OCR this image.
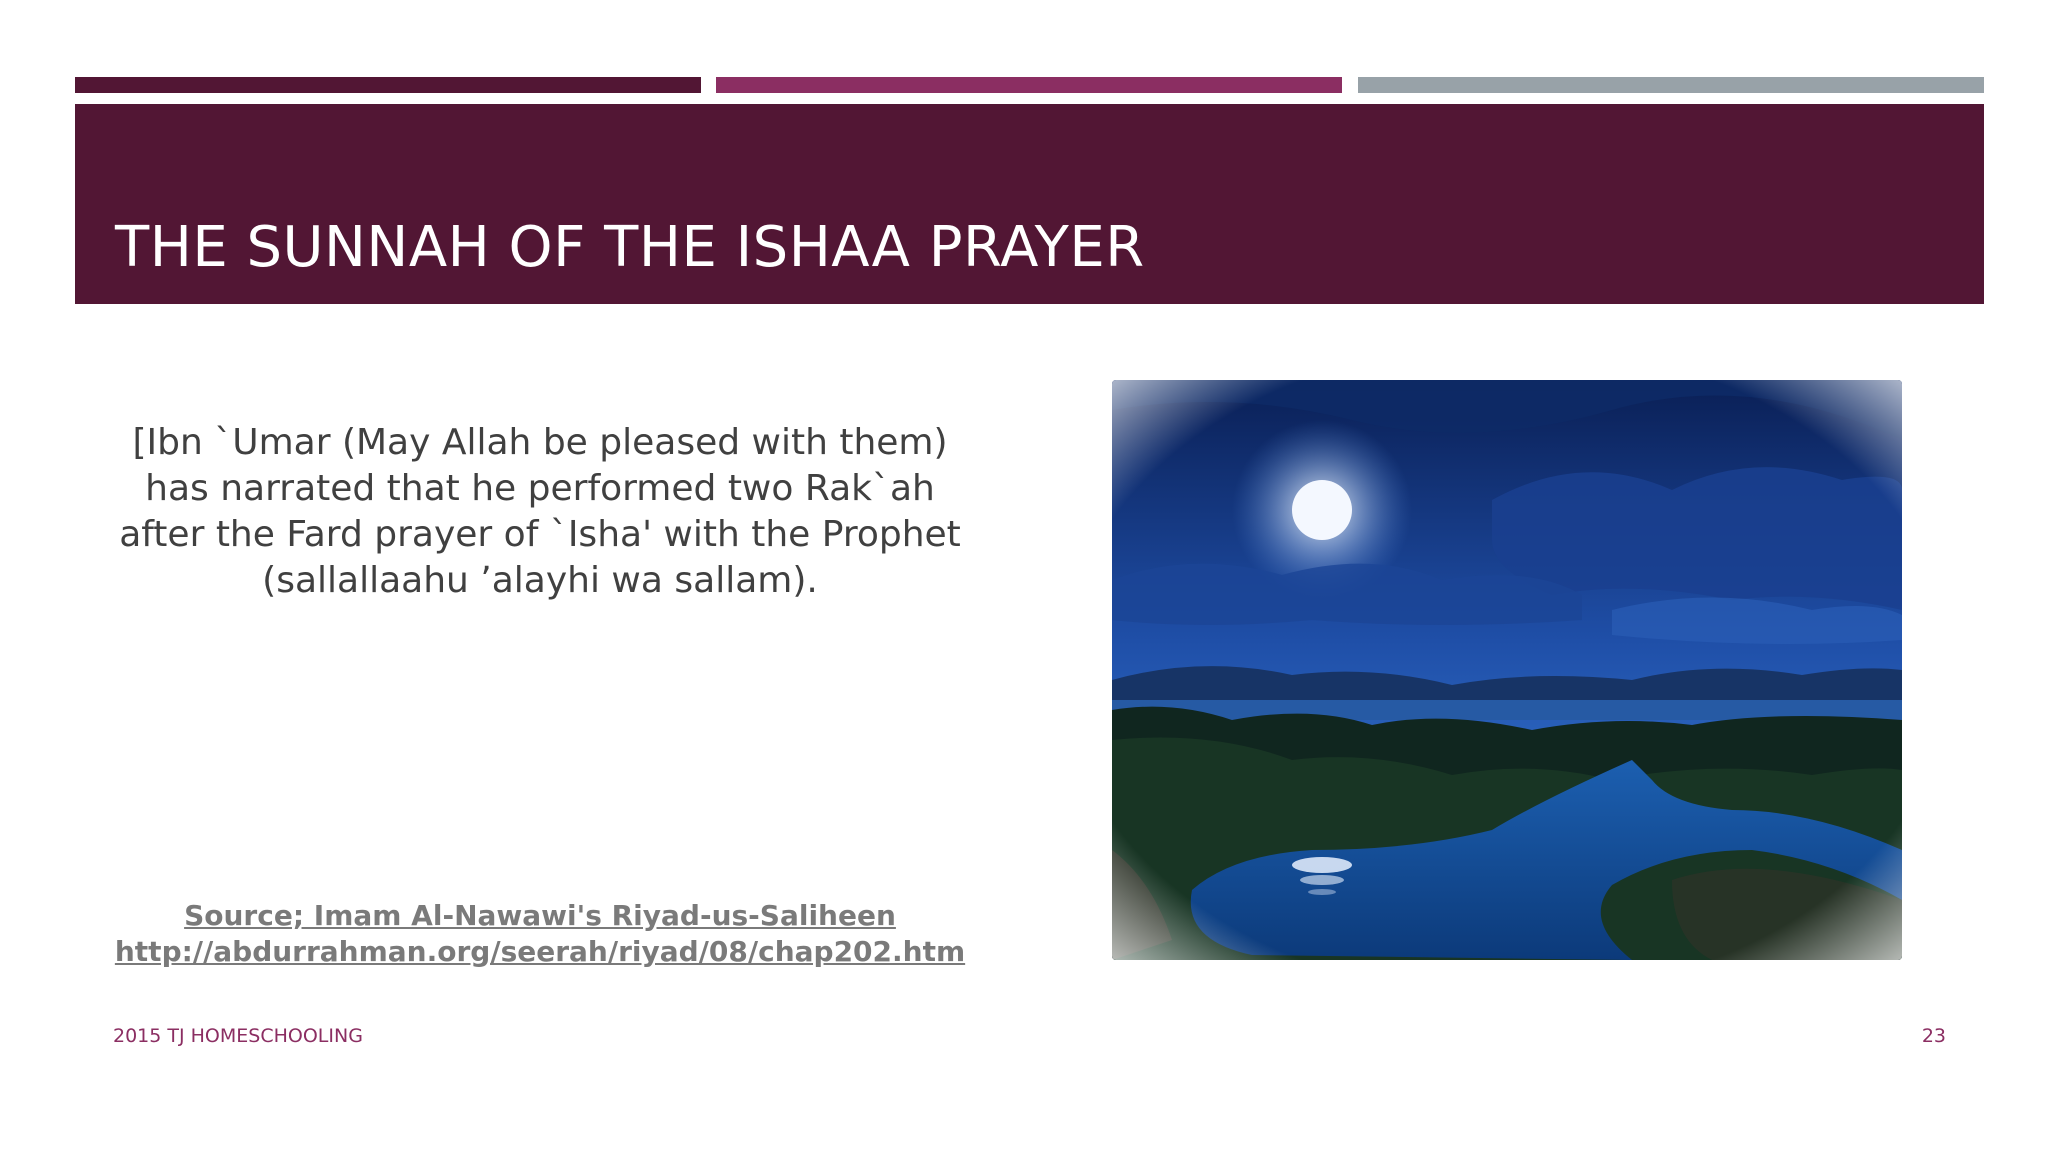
THE SUNNAH OF THE ISHAA PRAYER

[Ibn `Umar (May Allah be pleased with them)
has narrated that he performed two Rak`ah
after the Fard prayer of `Isha' with the Prophet
(sallallaahu ’alayhi wa sallam).

Source; Imam Al-Nawawi's Riyad-us-Saliheen
http://abdurrahman.org/seerah/riyad/08/chap202.htm
2015 TJ HOMESCHOOLING	23
